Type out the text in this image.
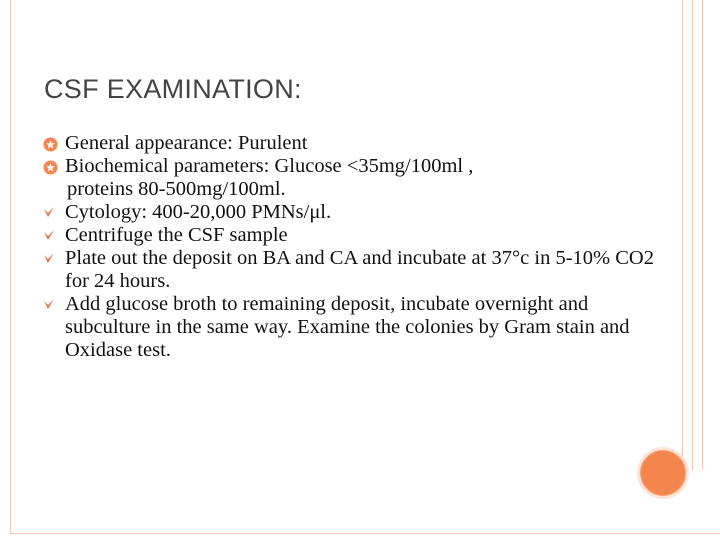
CSF EXAMINATION:
General appearance: Purulent
Biochemical parameters: Glucose <35mg/100ml ,
proteins 80-500mg/100ml.
Cytology: 400-20,000 PMNs/μl.
Centrifuge the CSF sample
Plate out the deposit on BA and CA and incubate at 37°c in 5-10% CO2 for 24 hours.
Add glucose broth to remaining deposit, incubate overnight and subculture in the same way. Examine the colonies by Gram stain and Oxidase test.
